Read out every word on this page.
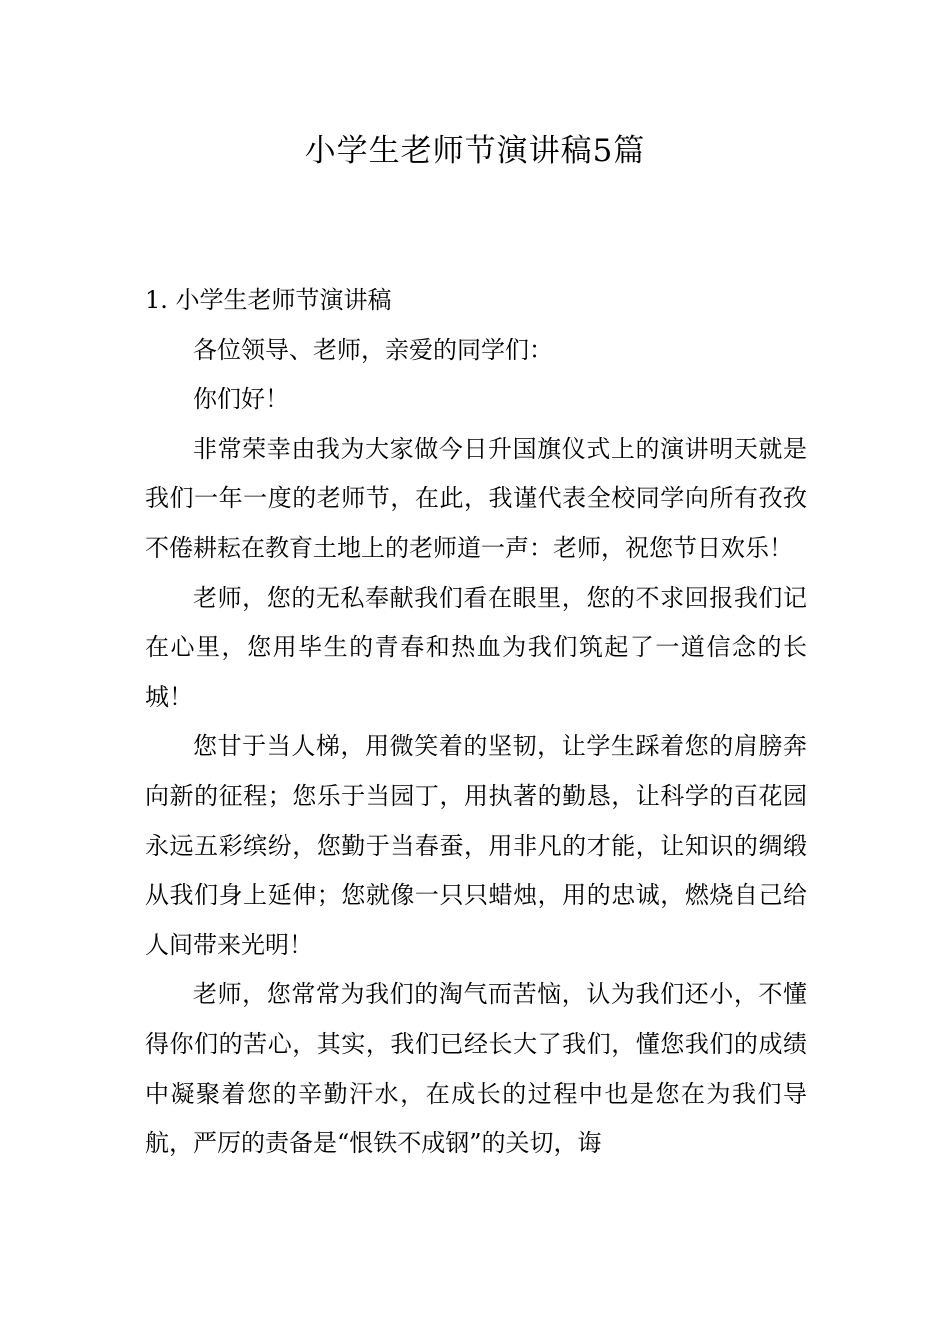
小学生老师节演讲稿5篇
1. 小学生老师节演讲稿

各位领导、老师，亲爱的同学们：

你们好！

非常荣幸由我为大家做今日升国旗仪式上的演讲明天就是我们一年一度的老师节，在此，我谨代表全校同学向所有孜孜不倦耕耘在教育土地上的老师道一声：老师，祝您节日欢乐！

老师，您的无私奉献我们看在眼里，您的不求回报我们记在心里，您用毕生的青春和热血为我们筑起了一道信念的长城！

您甘于当人梯，用微笑着的坚韧，让学生踩着您的肩膀奔向新的征程；您乐于当园丁，用执著的勤恳，让科学的百花园永远五彩缤纷，您勤于当春蚕，用非凡的才能，让知识的绸缎从我们身上延伸；您就像一只只蜡烛，用的忠诚，燃烧自己给人间带来光明！

老师，您常常为我们的淘气而苦恼，认为我们还小，不懂得你们的苦心，其实，我们已经长大了我们，懂您我们的成绩中凝聚着您的辛勤汗水，在成长的过程中也是您在为我们导航，严厉的责备是“恨铁不成钢”的关切，诲
